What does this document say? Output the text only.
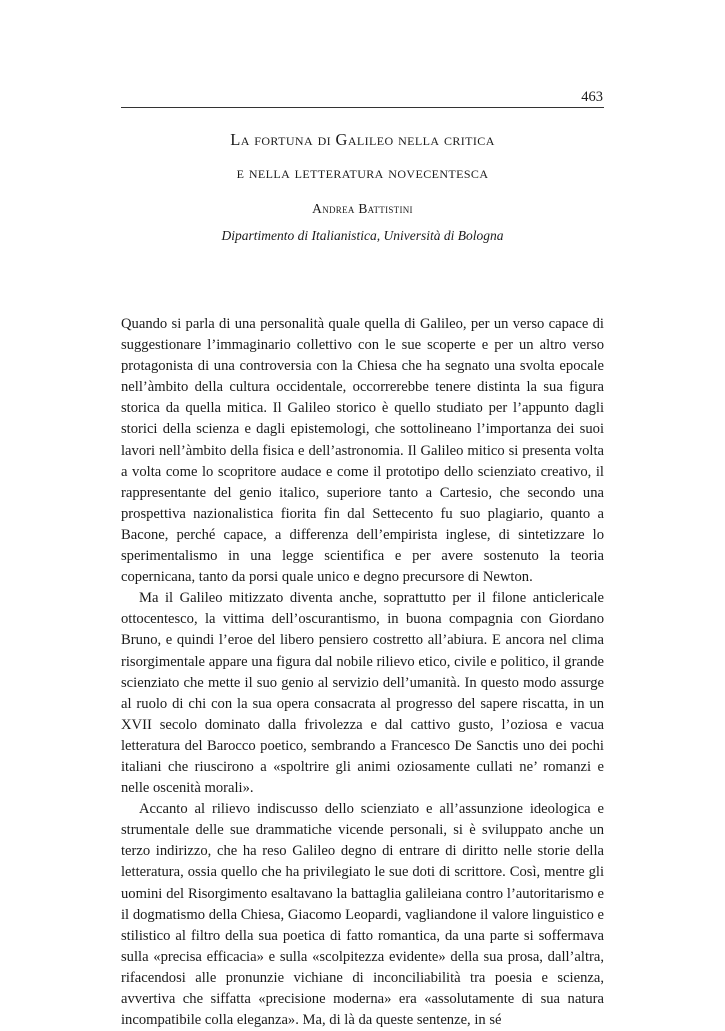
463
La fortuna di Galileo nella critica
e nella letteratura novecentesca
Andrea Battistini
Dipartimento di Italianistica, Università di Bologna

Quando si parla di una personalità quale quella di Galileo, per un verso capace di suggestionare l’immaginario collettivo con le sue scoperte e per un altro verso protagonista di una controversia con la Chiesa che ha segnato una svolta epocale nell’àmbito della cultura occidentale, occorrerebbe tenere distinta la sua figura storica da quella mitica. Il Galileo storico è quello studiato per l’appunto dagli storici della scienza e dagli epistemologi, che sottolineano l’importanza dei suoi lavori nell’àmbito della fisica e dell’astronomia. Il Galileo mitico si presenta volta a volta come lo scopritore audace e come il prototipo dello scienziato creativo, il rappresentante del genio italico, superiore tanto a Cartesio, che secondo una prospettiva nazionalistica fiorita fin dal Settecento fu suo plagiario, quanto a Bacone, perché capace, a differenza dell’empirista inglese, di sintetizzare lo sperimentalismo in una legge scientifica e per avere sostenuto la teoria copernicana, tanto da porsi quale unico e degno precursore di Newton.

Ma il Galileo mitizzato diventa anche, soprattutto per il filone anticlericale ottocentesco, la vittima dell’oscurantismo, in buona compagnia con Giordano Bruno, e quindi l’eroe del libero pensiero costretto all’abiura. E ancora nel clima risorgimentale appare una figura dal nobile rilievo etico, civile e politico, il grande scienziato che mette il suo genio al servizio dell’umanità. In questo modo assurge al ruolo di chi con la sua opera consacrata al progresso del sapere riscatta, in un XVII secolo dominato dalla frivolezza e dal cattivo gusto, l’oziosa e vacua letteratura del Barocco poetico, sembrando a Francesco De Sanctis uno dei pochi italiani che riuscirono a «spoltrire gli animi oziosamente cullati ne’ romanzi e nelle oscenità morali».

Accanto al rilievo indiscusso dello scienziato e all’assunzione ideologica e strumentale delle sue drammatiche vicende personali, si è sviluppato anche un terzo indirizzo, che ha reso Galileo degno di entrare di diritto nelle storie della letteratura, ossia quello che ha privilegiato le sue doti di scrittore. Così, mentre gli uomini del Risorgimento esaltavano la battaglia galileiana contro l’autoritarismo e il dogmatismo della Chiesa, Giacomo Leopardi, vagliandone il valore linguistico e stilistico al filtro della sua poetica di fatto romantica, da una parte si soffermava sulla «precisa efficacia» e sulla «scolpitezza evidente» della sua prosa, dall’altra, rifacendosi alle pronunzie vichiane di inconciliabilità tra poesia e scienza, avvertiva che siffatta «precisione moderna» era «assolutamente di sua natura incompatibile colla eleganza». Ma, di là da queste sentenze, in sé
